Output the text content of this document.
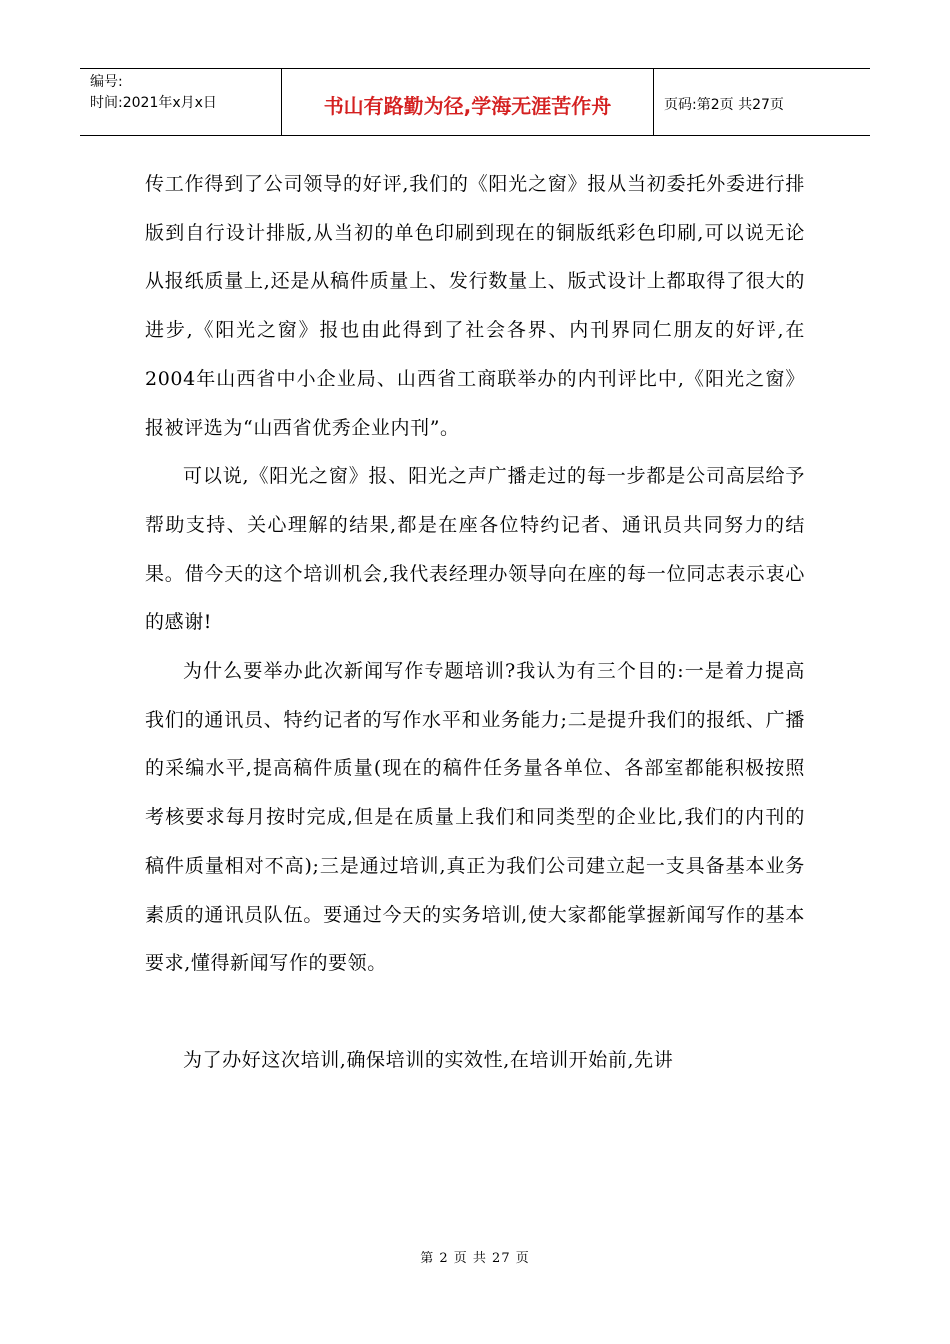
编号:
时间:2021年x月x日	书山有路勤为径,学海无涯苦作舟	页码:第2页 共27页

传工作得到了公司领导的好评,我们的《阳光之窗》报从当初委托外委进行排版到自行设计排版,从当初的单色印刷到现在的铜版纸彩色印刷,可以说无论从报纸质量上,还是从稿件质量上、发行数量上、版式设计上都取得了很大的进步,《阳光之窗》报也由此得到了社会各界、内刊界同仁朋友的好评,在2004年山西省中小企业局、山西省工商联举办的内刊评比中,《阳光之窗》报被评选为“山西省优秀企业内刊”。

可以说,《阳光之窗》报、阳光之声广播走过的每一步都是公司高层给予帮助支持、关心理解的结果,都是在座各位特约记者、通讯员共同努力的结果。借今天的这个培训机会,我代表经理办领导向在座的每一位同志表示衷心的感谢!

为什么要举办此次新闻写作专题培训?我认为有三个目的:一是着力提高我们的通讯员、特约记者的写作水平和业务能力;二是提升我们的报纸、广播的采编水平,提高稿件质量(现在的稿件任务量各单位、各部室都能积极按照考核要求每月按时完成,但是在质量上我们和同类型的企业比,我们的内刊的稿件质量相对不高);三是通过培训,真正为我们公司建立起一支具备基本业务素质的通讯员队伍。要通过今天的实务培训,使大家都能掌握新闻写作的基本要求,懂得新闻写作的要领。

为了办好这次培训,确保培训的实效性,在培训开始前,先讲

第 2 页 共 27 页
